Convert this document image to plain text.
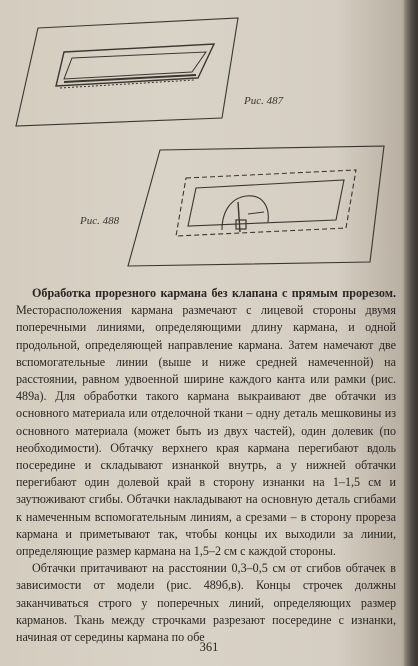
Рис. 487
Рис. 488

Обработка прорезного кармана без клапана с прямым прорезом. Месторасположения кармана размечают с лицевой стороны двумя поперечными линиями, определяющими длину кармана, и одной продольной, определяющей направление кармана. Затем намечают две вспомогательные линии (выше и ниже средней намеченной) на расстоянии, равном удвоенной ширине каждого канта или рамки (рис. 489а). Для обработки такого кармана выкраивают две обтачки из основного материала или отделочной ткани – одну деталь мешковины из основного материала (может быть из двух частей), один долевик (по необходимости). Обтачку верхнего края кармана перегибают вдоль посередине и складывают изнанкой внутрь, а у нижней обтачки перегибают один долевой край в сторону изнанки на 1–1,5 см и заутюживают сгибы. Обтачки накладывают на основную деталь сгибами к намеченным вспомогательным линиям, а срезами – в сторону прореза кармана и приметывают так, чтобы концы их выходили за линии, определяющие размер кармана на 1,5–2 см с каждой стороны.

Обтачки притачивают на расстоянии 0,3–0,5 см от сгибов обтачек в зависимости от модели (рис. 489б,в). Концы строчек должны заканчиваться строго у поперечных линий, определяющих размер карманов. Ткань между строчками разрезают посередине с изнанки, начиная от середины кармана по обе

361
